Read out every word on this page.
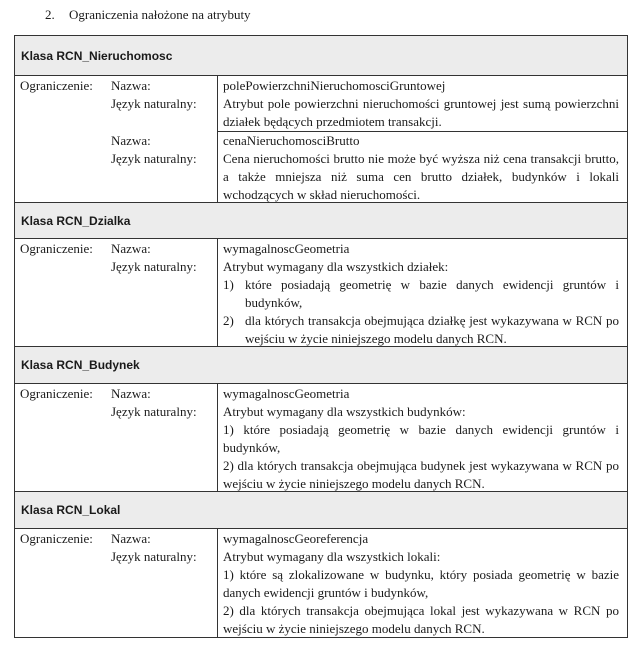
2. Ograniczenia nałożone na atrybuty
Klasa RCN_Nieruchomosc
Ograniczenie: Nazwa:
Język naturalny:
polePowierzchniNieruchomosciGruntowej
Atrybut pole powierzchni nieruchomości gruntowej jest sumą powierzchni działek będących przedmiotem transakcji.
Nazwa:
Język naturalny:
cenaNieruchomosciBrutto
Cena nieruchomości brutto nie może być wyższa niż cena transakcji brutto, a także mniejsza niż suma cen brutto działek, budynków i lokali wchodzących w skład nieruchomości.
Klasa RCN_Dzialka
Ograniczenie: Nazwa:
Język naturalny:
wymagalnoscGeometria
Atrybut wymagany dla wszystkich działek:
1) które posiadają geometrię w bazie danych ewidencji gruntów i budynków,
2) dla których transakcja obejmująca działkę jest wykazywana w RCN po wejściu w życie niniejszego modelu danych RCN.
Klasa RCN_Budynek
Ograniczenie: Nazwa:
Język naturalny:
wymagalnoscGeometria
Atrybut wymagany dla wszystkich budynków:
1) które posiadają geometrię w bazie danych ewidencji gruntów i budynków,
2) dla których transakcja obejmująca budynek jest wykazywana w RCN po wejściu w życie niniejszego modelu danych RCN.
Klasa RCN_Lokal
Ograniczenie: Nazwa:
Język naturalny:
wymagalnoscGeoreferencja
Atrybut wymagany dla wszystkich lokali:
1) które są zlokalizowane w budynku, który posiada geometrię w bazie danych ewidencji gruntów i budynków,
2) dla których transakcja obejmująca lokal jest wykazywana w RCN po wejściu w życie niniejszego modelu danych RCN.
